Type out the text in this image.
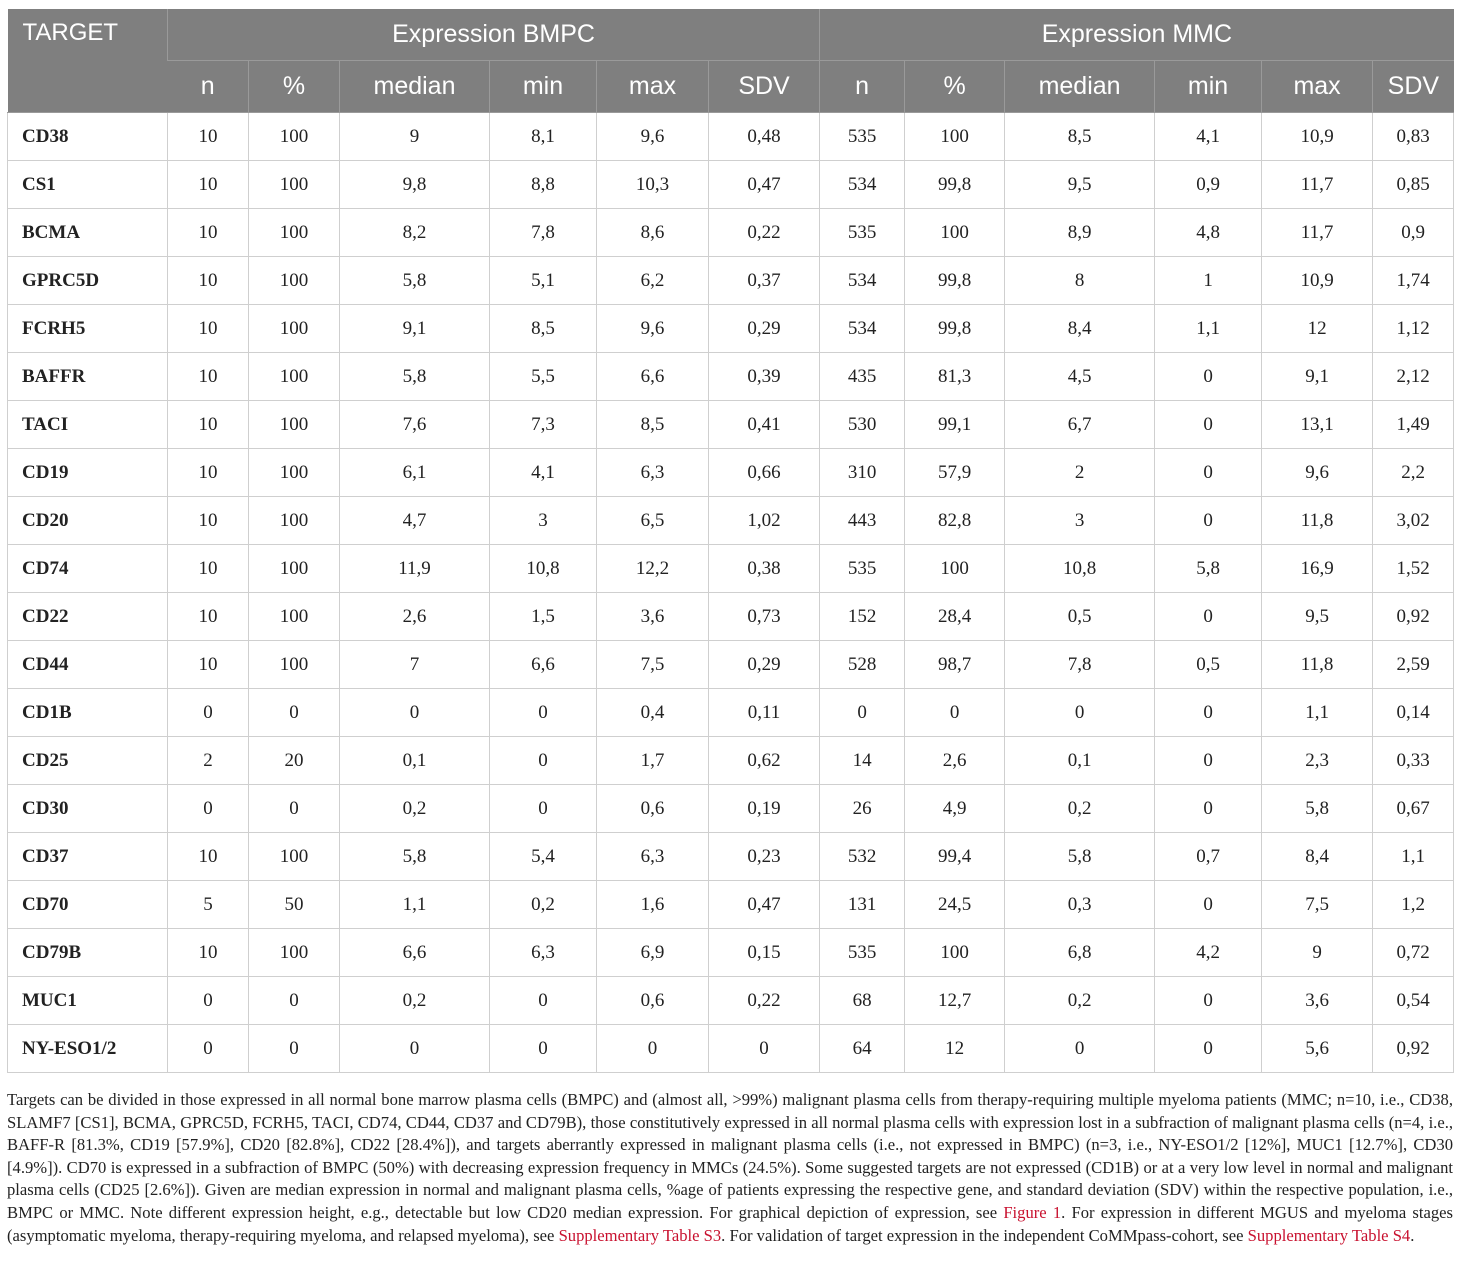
TARGET	Expression BMPC						Expression MMC					
	n	%	median	min	max	SDV	n	%	median	min	max	SDV
CD38	10	100	9	8,1	9,6	0,48	535	100	8,5	4,1	10,9	0,83
CS1	10	100	9,8	8,8	10,3	0,47	534	99,8	9,5	0,9	11,7	0,85
BCMA	10	100	8,2	7,8	8,6	0,22	535	100	8,9	4,8	11,7	0,9
GPRC5D	10	100	5,8	5,1	6,2	0,37	534	99,8	8	1	10,9	1,74
FCRH5	10	100	9,1	8,5	9,6	0,29	534	99,8	8,4	1,1	12	1,12
BAFFR	10	100	5,8	5,5	6,6	0,39	435	81,3	4,5	0	9,1	2,12
TACI	10	100	7,6	7,3	8,5	0,41	530	99,1	6,7	0	13,1	1,49
CD19	10	100	6,1	4,1	6,3	0,66	310	57,9	2	0	9,6	2,2
CD20	10	100	4,7	3	6,5	1,02	443	82,8	3	0	11,8	3,02
CD74	10	100	11,9	10,8	12,2	0,38	535	100	10,8	5,8	16,9	1,52
CD22	10	100	2,6	1,5	3,6	0,73	152	28,4	0,5	0	9,5	0,92
CD44	10	100	7	6,6	7,5	0,29	528	98,7	7,8	0,5	11,8	2,59
CD1B	0	0	0	0	0,4	0,11	0	0	0	0	1,1	0,14
CD25	2	20	0,1	0	1,7	0,62	14	2,6	0,1	0	2,3	0,33
CD30	0	0	0,2	0	0,6	0,19	26	4,9	0,2	0	5,8	0,67
CD37	10	100	5,8	5,4	6,3	0,23	532	99,4	5,8	0,7	8,4	1,1
CD70	5	50	1,1	0,2	1,6	0,47	131	24,5	0,3	0	7,5	1,2
CD79B	10	100	6,6	6,3	6,9	0,15	535	100	6,8	4,2	9	0,72
MUC1	0	0	0,2	0	0,6	0,22	68	12,7	0,2	0	3,6	0,54
NY-ESO1/2	0	0	0	0	0	0	64	12	0	0	5,6	0,92
Targets can be divided in those expressed in all normal bone marrow plasma cells (BMPC) and (almost all, >99%) malignant plasma cells from therapy-requiring multiple myeloma patients (MMC; n=10, i.e., CD38, SLAMF7 [CS1], BCMA, GPRC5D, FCRH5, TACI, CD74, CD44, CD37 and CD79B), those constitutively expressed in all normal plasma cells with expression lost in a subfraction of malignant plasma cells (n=4, i.e., BAFF-R [81.3%, CD19 [57.9%], CD20 [82.8%], CD22 [28.4%]), and targets aberrantly expressed in malignant plasma cells (i.e., not expressed in BMPC) (n=3, i.e., NY-ESO1/2 [12%], MUC1 [12.7%], CD30 [4.9%]). CD70 is expressed in a subfraction of BMPC (50%) with decreasing expression frequency in MMCs (24.5%). Some suggested targets are not expressed (CD1B) or at a very low level in normal and malignant plasma cells (CD25 [2.6%]). Given are median expression in normal and malignant plasma cells, %age of patients expressing the respective gene, and standard deviation (SDV) within the respective population, i.e., BMPC or MMC. Note different expression height, e.g., detectable but low CD20 median expression. For graphical depiction of expression, see Figure 1. For expression in different MGUS and myeloma stages (asymptomatic myeloma, therapy-requiring myeloma, and relapsed myeloma), see Supplementary Table S3. For validation of target expression in the independent CoMMpass-cohort, see Supplementary Table S4.
